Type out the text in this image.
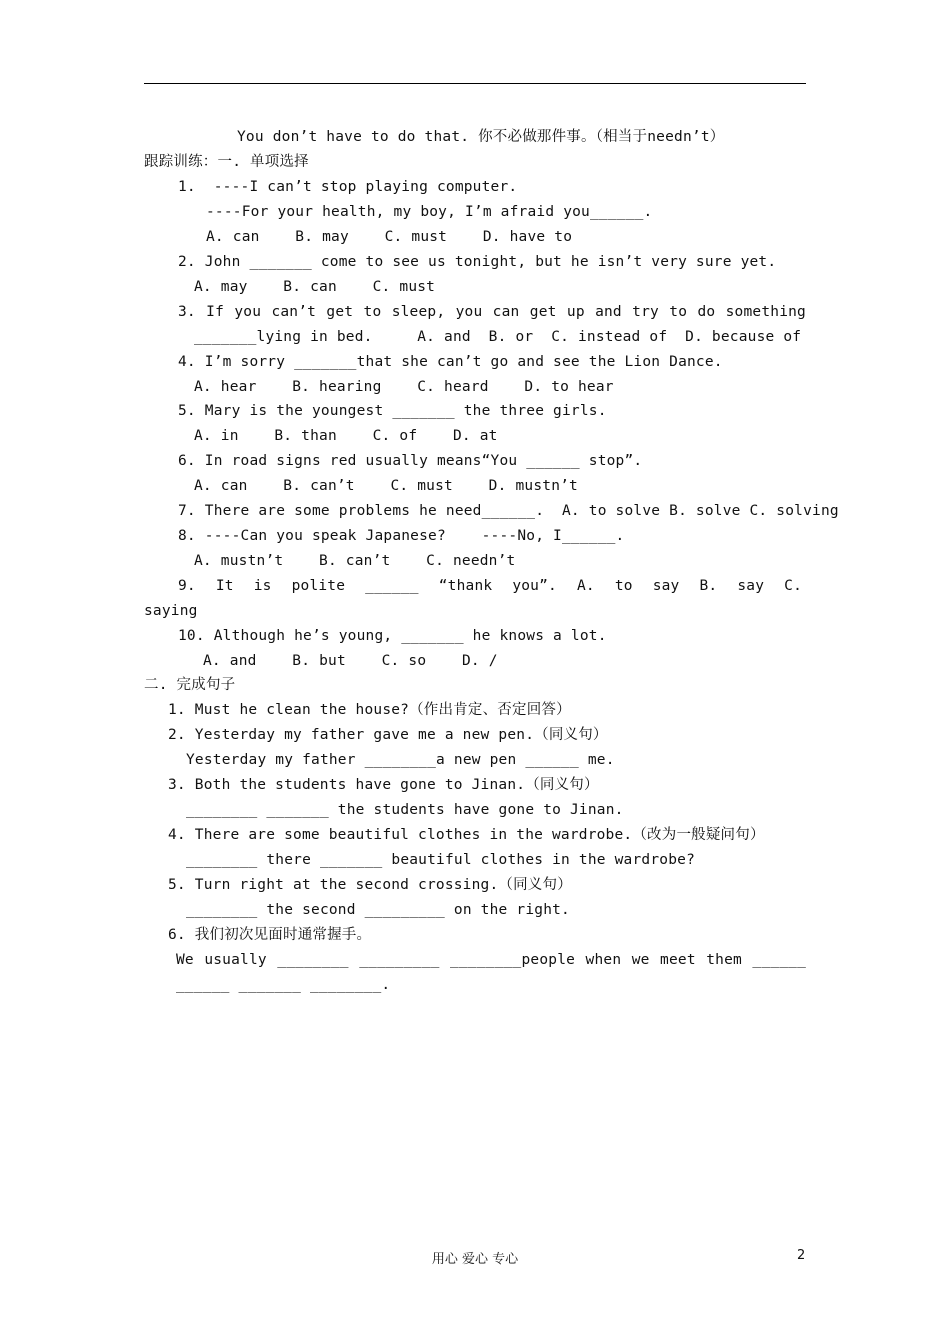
You don’t have to do that. 你不必做那件事。（相当于needn’t）
跟踪训练：一. 单项选择
1.  ----I can’t stop playing computer.
----For your health, my boy, I’m afraid you______.
A. can    B. may    C. must    D. have to
2. John _______ come to see us tonight, but he isn’t very sure yet.
A. may    B. can    C. must
3. If you can’t get to sleep, you can get up and try to do something
_______lying in bed.     A. and  B. or  C. instead of  D. because of
4. I’m sorry _______that she can’t go and see the Lion Dance.
A. hear    B. hearing    C. heard    D. to hear
5. Mary is the youngest _______ the three girls.
A. in    B. than    C. of    D. at
6. In road signs red usually means“You ______ stop”.
A. can    B. can’t    C. must    D. mustn’t
7. There are some problems he need______.  A. to solve B. solve C. solving
8. ----Can you speak Japanese?    ----No, I______.
A. mustn’t    B. can’t    C. needn’t
9. It is polite ______ “thank you”. A. to say B. say C.
saying
10. Although he’s young, _______ he knows a lot.
A. and    B. but    C. so    D. /
二. 完成句子
1. Must he clean the house?（作出肯定、否定回答）
2. Yesterday my father gave me a new pen.（同义句）
Yesterday my father ________a new pen ______ me.
3. Both the students have gone to Jinan.（同义句）
________ _______ the students have gone to Jinan.
4. There are some beautiful clothes in the wardrobe.（改为一般疑问句）
________ there _______ beautiful clothes in the wardrobe?
5. Turn right at the second crossing.（同义句）
________ the second _________ on the right.
6. 我们初次见面时通常握手。
We usually ________ _________ ________people when we meet them ______
______ _______ ________.
用心 爱心 专心	2
